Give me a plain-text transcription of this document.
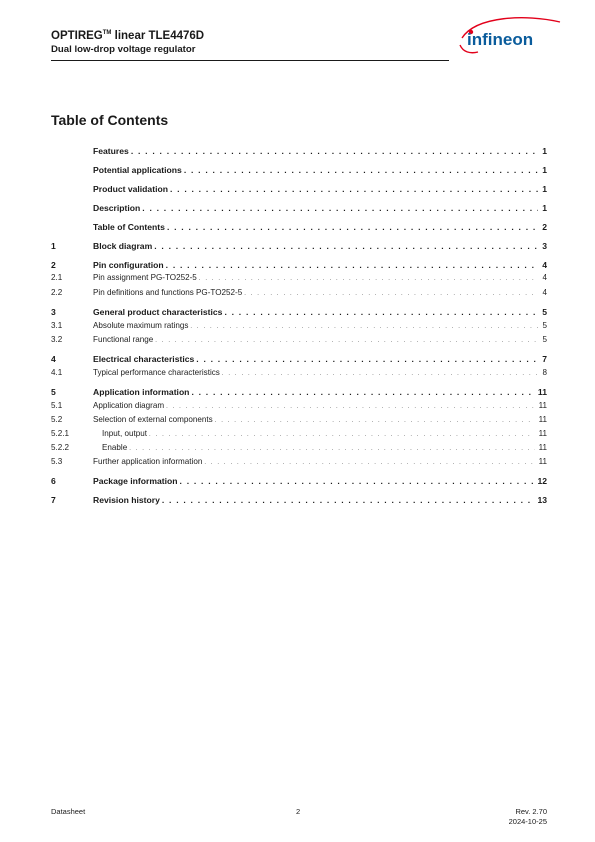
OPTIREG™ linear TLE4476D
Dual low-drop voltage regulator
infineon
Table of Contents
Features . . .	1
Potential applications . . .	1
Product validation . . .	1
Description . . .	1
Table of Contents . . .	2
1	Block diagram . . .	3
2	Pin configuration . . .	4
2.1	Pin assignment PG-TO252-5 . . .	4
2.2	Pin definitions and functions PG-TO252-5 . . .	4
3	General product characteristics . . .	5
3.1	Absolute maximum ratings . . .	5
3.2	Functional range . . .	5
4	Electrical characteristics . . .	7
4.1	Typical performance characteristics . . .	8
5	Application information . . .	11
5.1	Application diagram . . .	11
5.2	Selection of external components . . .	11
5.2.1	Input, output . . .	11
5.2.2	Enable . . .	11
5.3	Further application information . . .	11
6	Package information . . .	12
7	Revision history . . .	13
Datasheet	2	Rev. 2.70
2024-10-25
